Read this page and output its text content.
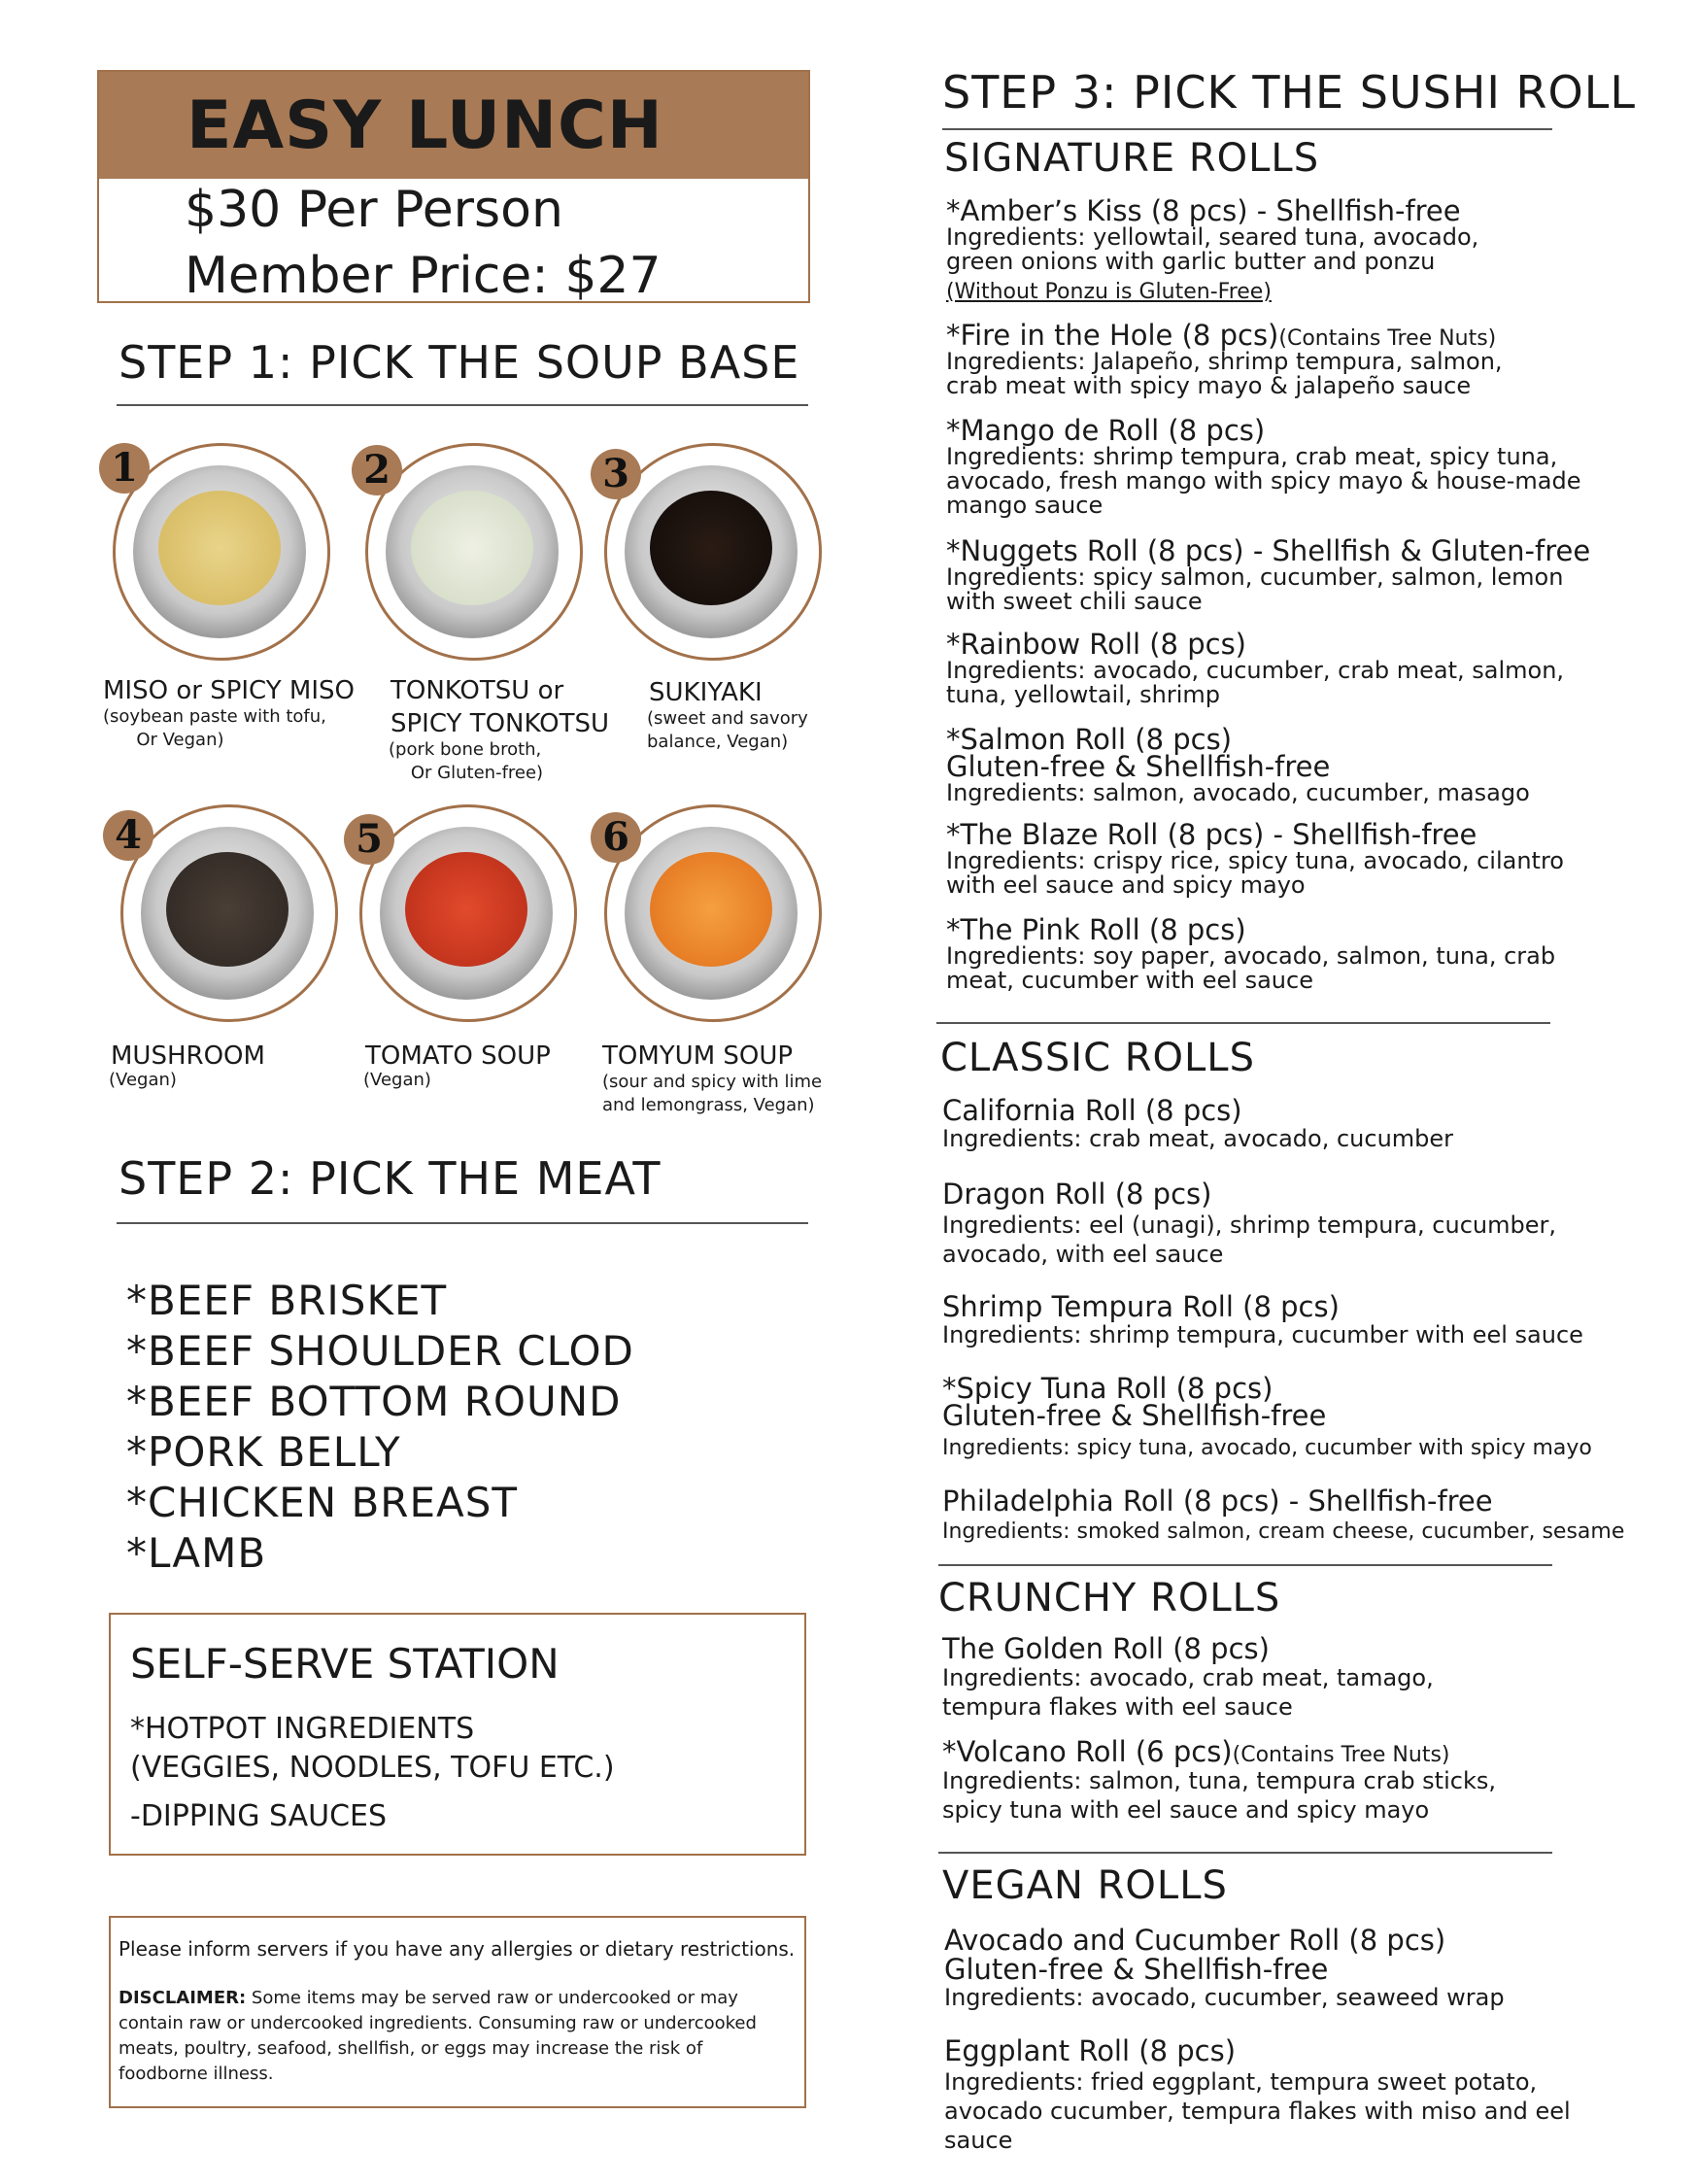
EASY LUNCH
$30 Per Person
Member Price: $27
STEP 1: PICK THE SOUP BASE
1
MISO or SPICY MISO
(soybean paste with tofu,
Or Vegan)
2
TONKOTSU or
SPICY TONKOTSU
(pork bone broth,
Or Gluten-free)
3
SUKIYAKI
(sweet and savory
balance, Vegan)
4
MUSHROOM
(Vegan)
5
TOMATO SOUP
(Vegan)
6
TOMYUM SOUP
(sour and spicy with lime
and lemongrass, Vegan)
STEP 2: PICK THE MEAT
*BEEF BRISKET
*BEEF SHOULDER CLOD
*BEEF BOTTOM ROUND
*PORK BELLY
*CHICKEN BREAST
*LAMB
SELF-SERVE STATION
*HOTPOT INGREDIENTS
(VEGGIES, NOODLES, TOFU ETC.)
-DIPPING SAUCES
Please inform servers if you have any allergies or dietary restrictions.
DISCLAIMER: Some items may be served raw or undercooked or may contain raw or undercooked ingredients. Consuming raw or undercooked meats, poultry, seafood, shellfish, or eggs may increase the risk of foodborne illness.
STEP 3: PICK THE SUSHI ROLL
SIGNATURE ROLLS
*Amber’s Kiss (8 pcs) - Shellfish-free
Ingredients: yellowtail, seared tuna, avocado, green onions with garlic butter and ponzu
(Without Ponzu is Gluten-Free)
*Fire in the Hole (8 pcs)(Contains Tree Nuts)
Ingredients: Jalapeño, shrimp tempura, salmon, crab meat with spicy mayo & jalapeño sauce
*Mango de Roll (8 pcs)
Ingredients: shrimp tempura, crab meat, spicy tuna, avocado, fresh mango with spicy mayo & house-made mango sauce
*Nuggets Roll (8 pcs) - Shellfish & Gluten-free
Ingredients: spicy salmon, cucumber, salmon, lemon with sweet chili sauce
*Rainbow Roll (8 pcs)
Ingredients: avocado, cucumber, crab meat, salmon, tuna, yellowtail, shrimp
*Salmon Roll (8 pcs)
Gluten-free & Shellfish-free
Ingredients: salmon, avocado, cucumber, masago
*The Blaze Roll (8 pcs) - Shellfish-free
Ingredients: crispy rice, spicy tuna, avocado, cilantro with eel sauce and spicy mayo
*The Pink Roll (8 pcs)
Ingredients: soy paper, avocado, salmon, tuna, crab meat, cucumber with eel sauce
CLASSIC ROLLS
California Roll (8 pcs)
Ingredients: crab meat, avocado, cucumber
Dragon Roll (8 pcs)
Ingredients: eel (unagi), shrimp tempura, cucumber, avocado, with eel sauce
Shrimp Tempura Roll (8 pcs)
Ingredients: shrimp tempura, cucumber with eel sauce
*Spicy Tuna Roll (8 pcs)
Gluten-free & Shellfish-free
Ingredients: spicy tuna, avocado, cucumber with spicy mayo
Philadelphia Roll (8 pcs) - Shellfish-free
Ingredients: smoked salmon, cream cheese, cucumber, sesame
CRUNCHY ROLLS
The Golden Roll (8 pcs)
Ingredients: avocado, crab meat, tamago, tempura flakes with eel sauce
*Volcano Roll (6 pcs)(Contains Tree Nuts)
Ingredients: salmon, tuna, tempura crab sticks, spicy tuna with eel sauce and spicy mayo
VEGAN ROLLS
Avocado and Cucumber Roll (8 pcs)
Gluten-free & Shellfish-free
Ingredients: avocado, cucumber, seaweed wrap
Eggplant Roll (8 pcs)
Ingredients: fried eggplant, tempura sweet potato, avocado cucumber, tempura flakes with miso and eel sauce
